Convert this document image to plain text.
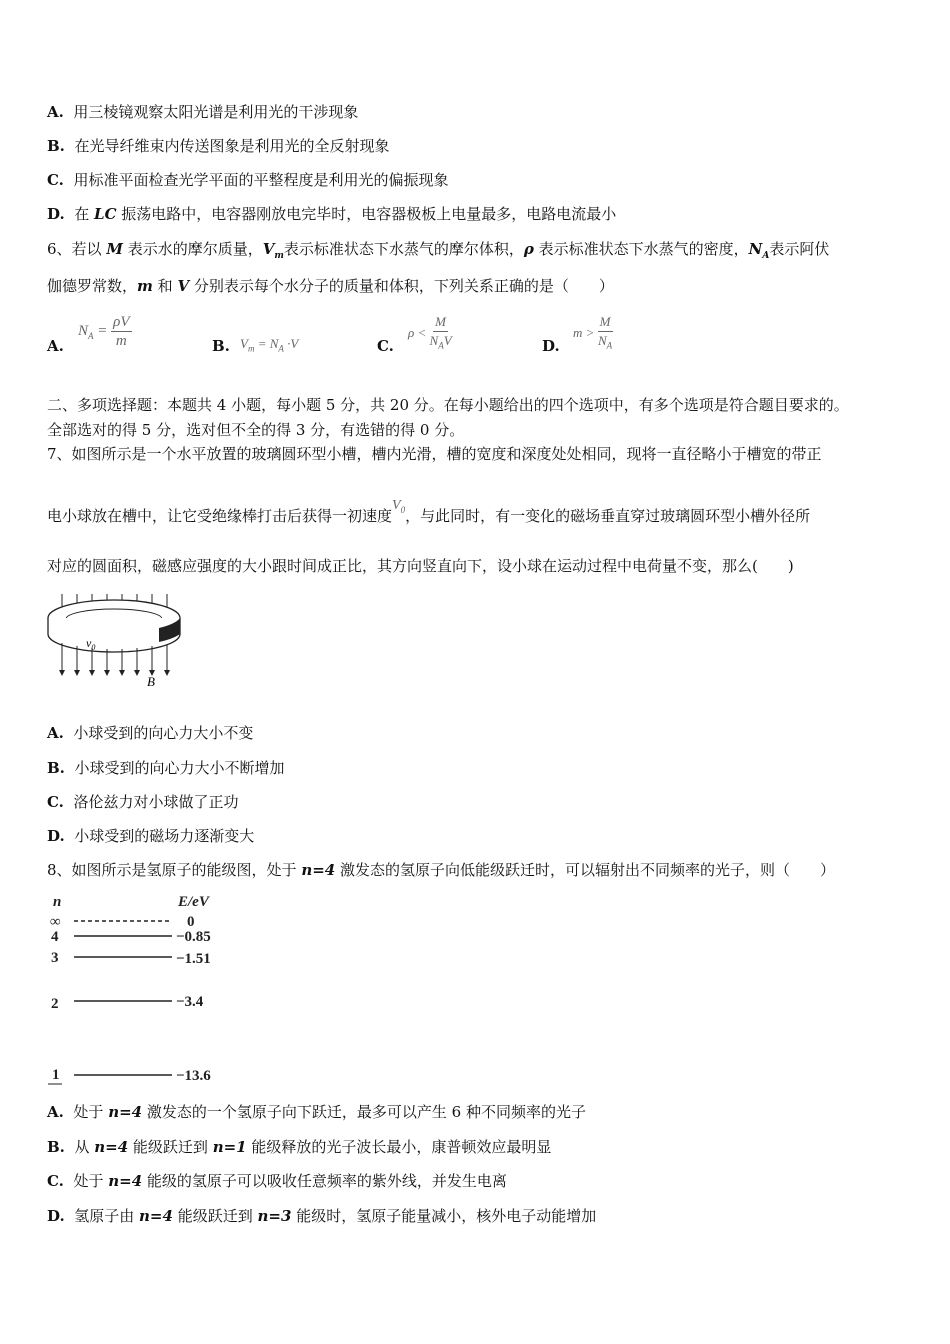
A. 用三棱镜观察太阳光谱是利用光的干涉现象
B. 在光导纤维束内传送图象是利用光的全反射现象
C. 用标准平面检查光学平面的平整程度是利用光的偏振现象
D. 在 LC 振荡电路中，电容器刚放电完毕时，电容器极板上电量最多，电路电流最小
6、若以 M 表示水的摩尔质量，$V_m$表示标准状态下水蒸气的摩尔体积，ρ 表示标准状态下水蒸气的密度，$N_A$表示阿伏
伽德罗常数，m 和 V 分别表示每个水分子的质量和体积，下列关系正确的是（　　）
A.
$N_A = \frac{\rho V}{m}$	B. $V_m = N_A \cdot V$	C.
$\rho < \frac{M}{N_AV}$	D.
$m > \frac{M}{N_A}$
二、多项选择题：本题共 4 小题，每小题 5 分，共 20 分。在每小题给出的四个选项中，有多个选项是符合题目要求的。
全部选对的得 5 分，选对但不全的得 3 分，有选错的得 0 分。
7、如图所示是一个水平放置的玻璃圆环型小槽，槽内光滑，槽的宽度和深度处处相同，现将一直径略小于槽宽的带正
电小球放在槽中，让它受绝缘棒打击后获得一初速度$V_0$，与此同时，有一变化的磁场垂直穿过玻璃圆环型小槽外径所
对应的圆面积，磁感应强度的大小跟时间成正比，其方向竖直向下，设小球在运动过程中电荷量不变，那么(　　)
$v_0$
B
A. 小球受到的向心力大小不变
B. 小球受到的向心力大小不断增加
C. 洛伦兹力对小球做了正功
D. 小球受到的磁场力逐渐变大
8、如图所示是氢原子的能级图，处于 n=4 激发态的氢原子向低能级跃迁时，可以辐射出不同频率的光子，则（　　）
n	E/eV
∞	0
4	−0.85
3	−1.51
2	−3.4
1	−13.6
A. 处于 n=4 激发态的一个氢原子向下跃迁，最多可以产生 6 种不同频率的光子
B. 从 n=4 能级跃迁到 n=1 能级释放的光子波长最小，康普顿效应最明显
C. 处于 n=4 能级的氢原子可以吸收任意频率的紫外线，并发生电离
D. 氢原子由 n=4 能级跃迁到 n=3 能级时，氢原子能量减小，核外电子动能增加
